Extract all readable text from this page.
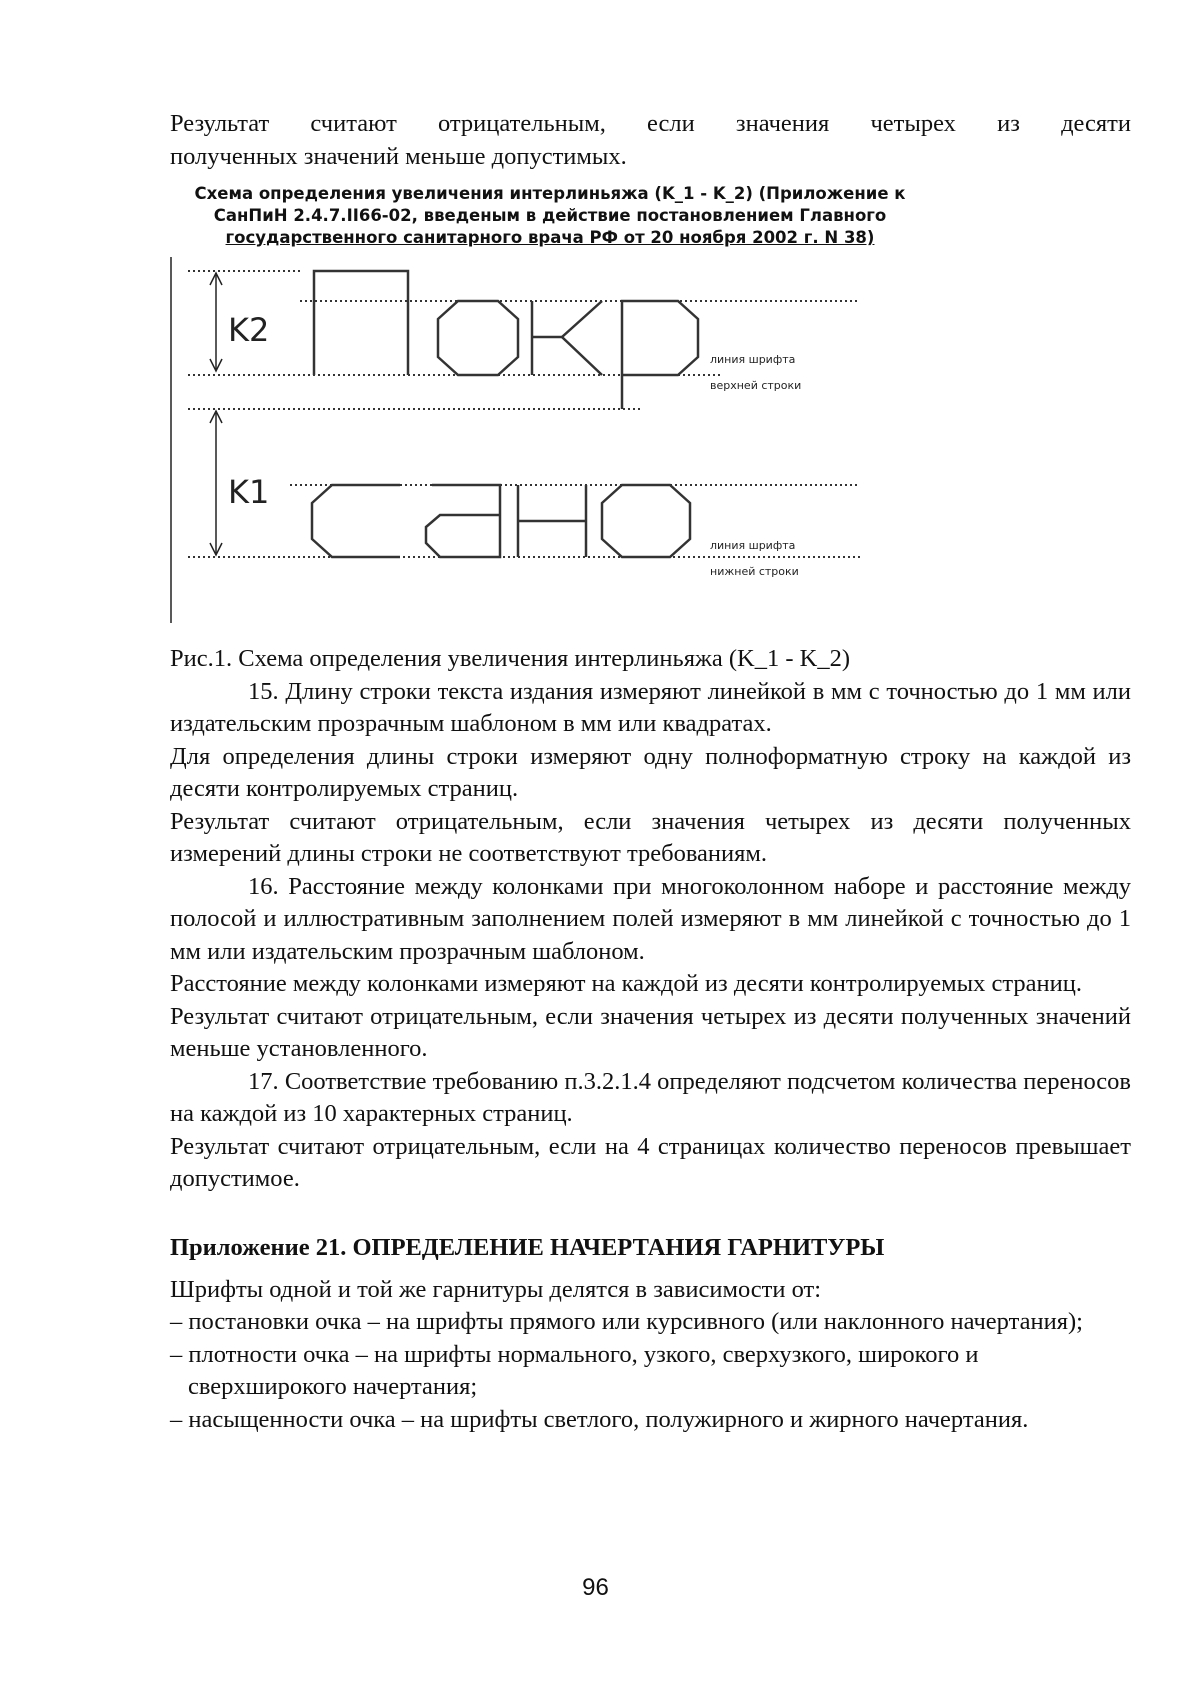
Результат считают отрицательным, если значения четырех из десяти

полученных значений меньше допустимых.

Схема определения увеличения интерлиньяжа (K_1 - K_2) (Приложение к
СанПиН 2.4.7.II66-02, введеным в действие постановлением Главного
государственного санитарного врача РФ от 20 ноября 2002 г. N 38)
K2
K1
линия шрифта
верхней строки
линия шрифта
нижней строки

Рис.1. Схема определения увеличения интерлиньяжа (K_1 - K_2)

15. Длину строки текста издания измеряют линейкой в мм с точностью до 1 мм или издательским прозрачным шаблоном в мм или квадратах.

Для определения длины строки измеряют одну полноформатную строку на каждой из десяти контролируемых страниц.

Результат считают отрицательным, если значения четырех из десяти полученных измерений длины строки не соответствуют требованиям.

16. Расстояние между колонками при многоколонном наборе и расстояние между полосой и иллюстративным заполнением полей измеряют в мм линейкой с точностью до 1 мм или издательским прозрачным шаблоном.

Расстояние между колонками измеряют на каждой из десяти контролируемых страниц.

Результат считают отрицательным, если значения четырех из десяти полученных значений меньше установленного.

17. Соответствие требованию п.3.2.1.4 определяют подсчетом количества переносов на каждой из 10 характерных страниц.

Результат считают отрицательным, если на 4 страницах количество переносов превышает допустимое.

Приложение 21. ОПРЕДЕЛЕНИЕ НАЧЕРТАНИЯ ГАРНИТУРЫ

Шрифты одной и той же гарнитуры делятся в зависимости от:

– постановки очка – на шрифты прямого или курсивного (или наклонного начертания);

– плотности очка – на шрифты нормального, узкого, сверхузкого, широкого и сверхширокого начертания;

– насыщенности очка – на шрифты светлого, полужирного и жирного начертания.

96
